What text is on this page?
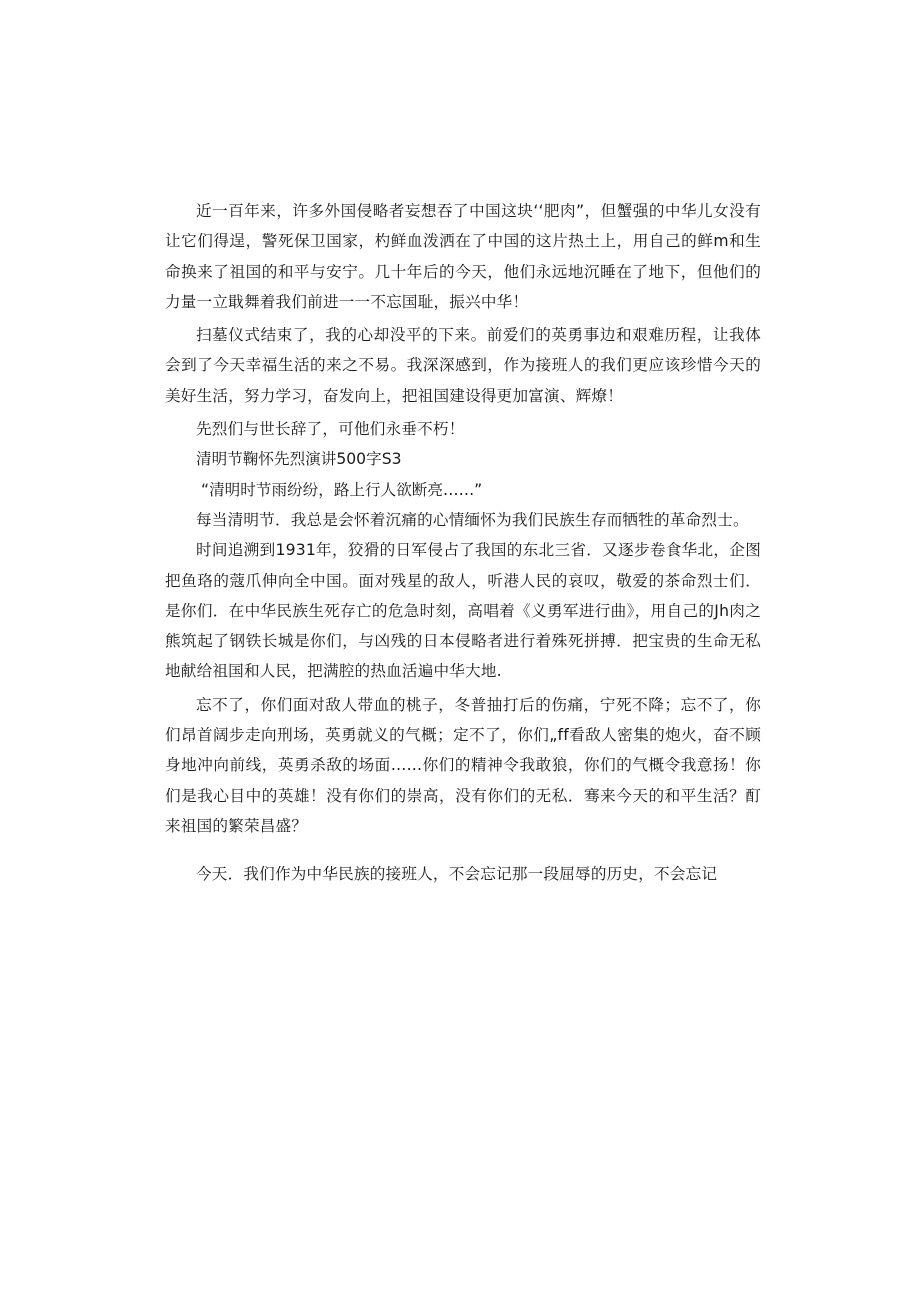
近一百年来，许多外国侵略者妄想吞了中国这块‘‘肥肉”，但蟹强的中华儿女没有让它们得逞，警死保卫国家，杓鲜血泼洒在了中国的这片热土上，用自己的鲜m和生命换来了祖国的和平与安宁。几十年后的今天，他们永远地沉睡在了地下，但他们的力量一立戢舞着我们前进一一不忘国耻，振兴中华！

扫墓仪式结束了，我的心却没平的下来。前爱们的英勇事边和艰难历程，让我体会到了今天幸福生活的来之不易。我深深感到，作为接班人的我们更应该珍惜今天的美好生活，努力学习，奋发向上，把祖国建设得更加富演、辉燎！

先烈们与世长辞了，可他们永垂不朽！

清明节鞠怀先烈演讲500字S3

“清明时节雨纷纷，路上行人欲断亮……”

每当清明节．我总是会怀着沉痛的心情缅怀为我们民族生存而牺牲的革命烈士。

时间追溯到1931年，狡猾的日军侵占了我国的东北三省．又逐步卷食华北，企图把鱼珞的蔻爪伸向全中国。面对残星的敌人，听港人民的哀叹，敬爱的茶命烈士们．是你们．在中华民族生死存亡的危急时刻，高唱着《义勇军进行曲》，用自己的Jh肉之熊筑起了钢铁长城是你们，与凶残的日本侵略者进行着殊死拼搏．把宝贵的生命无私地献给祖国和人民，把满腔的热血活遍中华大地.

忘不了，你们面对敌人带血的桃子，冬普抽打后的伤痛，宁死不降；忘不了，你们昂首阔步走向刑场，英勇就义的气概；定不了，你们„ff看敌人密集的炮火，奋不顾身地冲向前线，英勇杀敌的场面……你们的精神令我敢狼，你们的气概令我意扬！你们是我心目中的英雄！没有你们的崇高，没有你们的无私．骞来今天的和平生活？酊来祖国的繁荣昌盛？

今天．我们作为中华民族的接班人，不会忘记那一段屈辱的历史，不会忘记
